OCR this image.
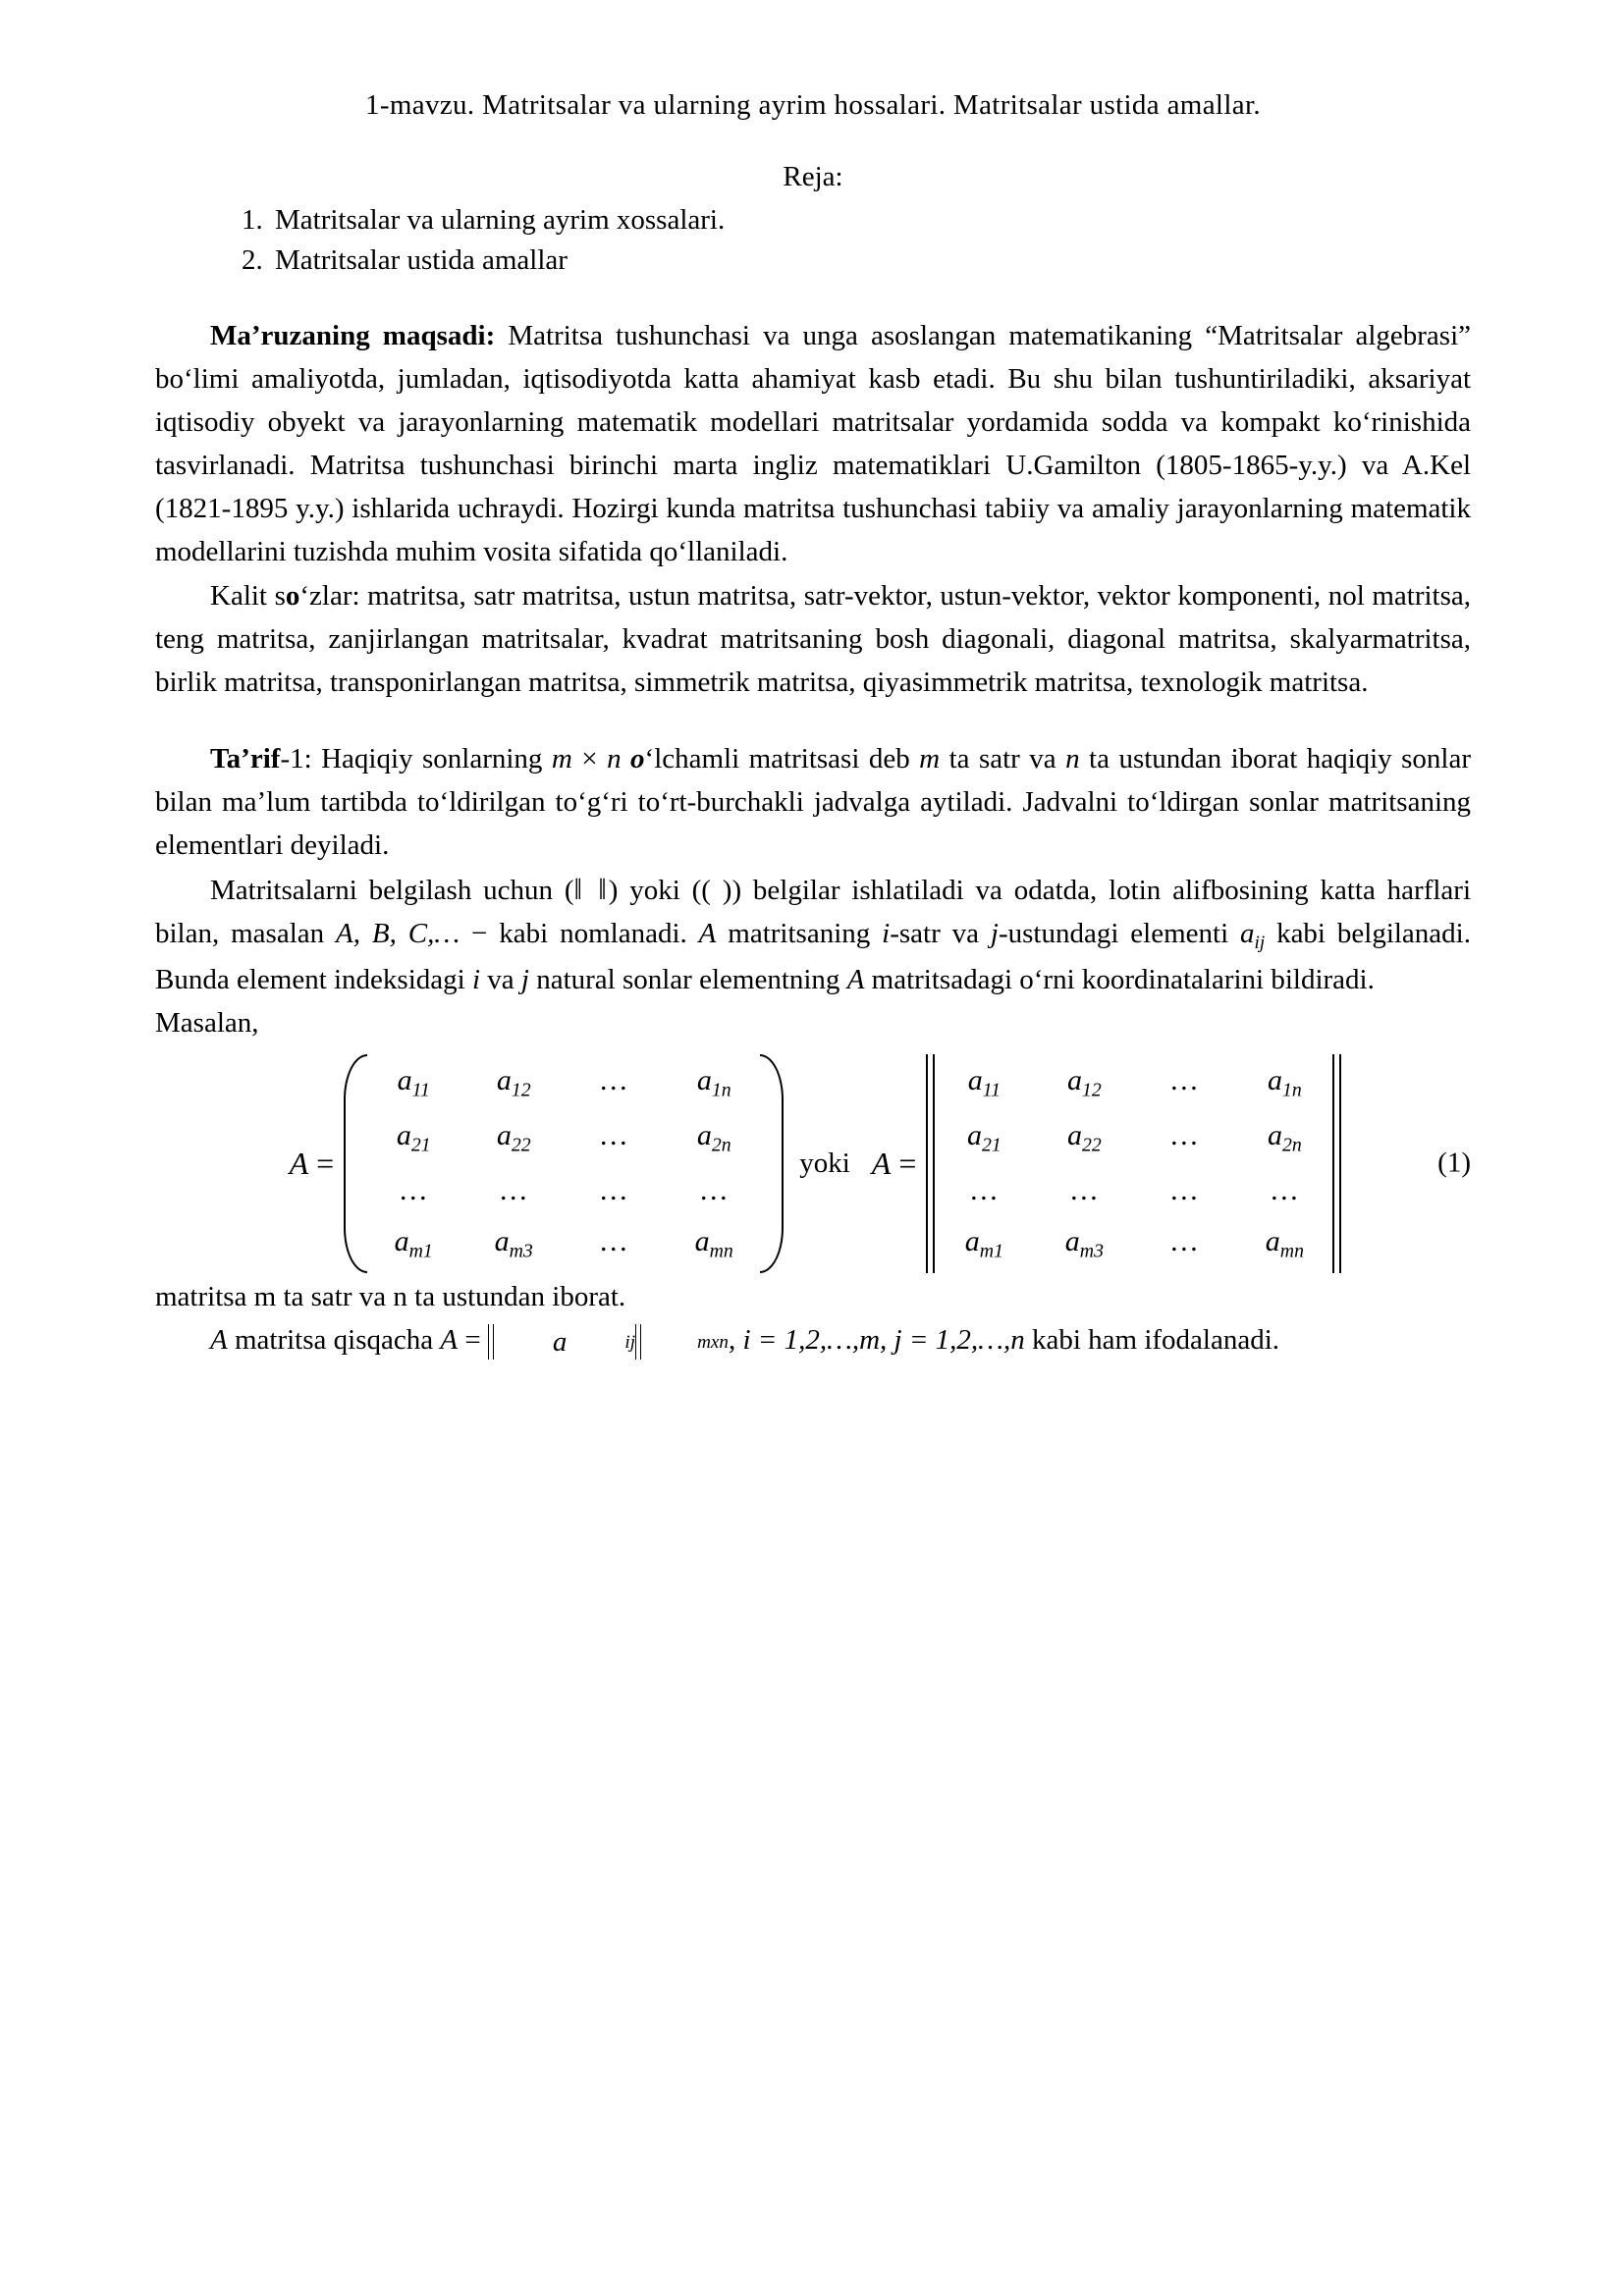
1-mavzu. Matritsalar va ularning ayrim hossalari. Matritsalar ustida amallar.
Reja:
1. Matritsalar va ularning ayrim xossalari.
2. Matritsalar ustida amallar

Ma’ruzaning maqsadi: Matritsa tushunchasi va unga asoslangan matematikaning “Matritsalar algebrasi” bo‘limi amaliyotda, jumladan, iqtisodiyotda katta ahamiyat kasb etadi. Bu shu bilan tushuntiriladiki, aksariyat iqtisodiy obyekt va jarayonlarning matematik modellari matritsalar yordamida sodda va kompakt ko‘rinishida tasvirlanadi. Matritsa tushunchasi birinchi marta ingliz matematiklari U.Gamilton (1805-1865-y.y.) va A.Kel (1821-1895 y.y.) ishlarida uchraydi. Hozirgi kunda matritsa tushunchasi tabiiy va amaliy jarayonlarning matematik modellarini tuzishda muhim vosita sifatida qo‘llaniladi.

Kalit so‘zlar: matritsa, satr matritsa, ustun matritsa, satr-vektor, ustun-vektor, vektor komponenti, nol matritsa, teng matritsa, zanjirlangan matritsalar, kvadrat matritsaning bosh diagonali, diagonal matritsa, skalyarmatritsa, birlik matritsa, transponirlangan matritsa, simmetrik matritsa, qiyasimmetrik matritsa, texnologik matritsa.

Ta’rif-1: Haqiqiy sonlarning m × n o‘lchamli matritsasi deb m ta satr va n ta ustundan iborat haqiqiy sonlar bilan ma’lum tartibda to‘ldirilgan to‘g‘ri to‘rt-burchakli jadvalga aytiladi. Jadvalni to‘ldirgan sonlar matritsaning elementlari deyiladi.

Matritsalarni belgilash uchun (‖ ‖) yoki (( )) belgilar ishlatiladi va odatda, lotin alifbosining katta harflari bilan, masalan A, B, C,… − kabi nomlanadi. A matritsaning i-satr va j-ustundagi elementi $a_{ij}$ kabi belgilanadi. Bunda element indeksidagi i va j natural sonlar elementning A matritsadagi o‘rni koordinatalarini bildiradi.

Masalan,

A =
$a_{11}$	$a_{12}$	…	$a_{1n}$
$a_{21}$	$a_{22}$	…	$a_{2n}$
…	…	…	…
$a_{m1}$	$a_{m3}$	…	$a_{mn}$
yoki A =
$a_{11}$	$a_{12}$	…	$a_{1n}$
$a_{21}$	$a_{22}$	…	$a_{2n}$
…	…	…	…
$a_{m1}$	$a_{m3}$	…	$a_{mn}$
(1)

matritsa m ta satr va n ta ustundan iborat.

A matritsa qisqacha A =	a	ij	mxn , i = 1,2,…,m, j = 1,2,…,n kabi ham ifodalanadi.
